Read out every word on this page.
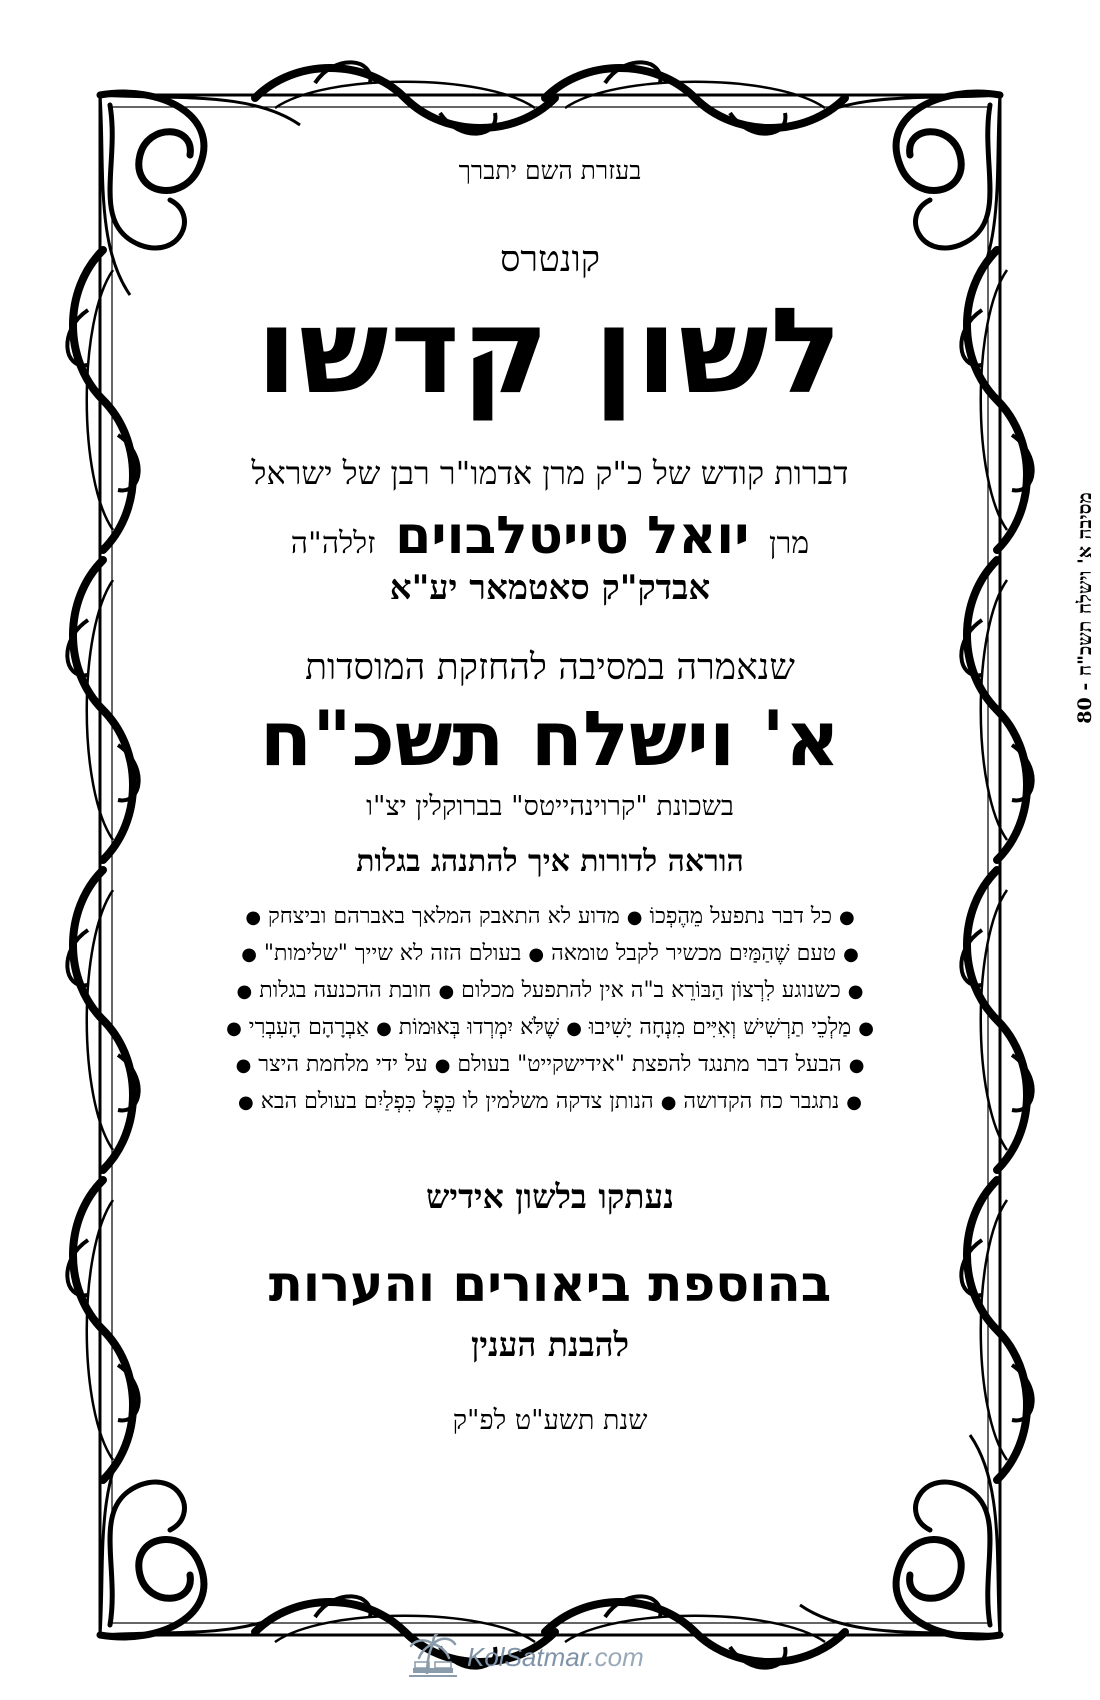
בעזרת השם יתברך
קונטרס
לשון קדשו
דברות קודש של כ"ק מרן אדמו"ר רבן של ישראל
מרן יואל טייטלבוים זללה"ה
אבדק"ק סאטמאר יע"א
שנאמרה במסיבה להחזקת המוסדות
א' וישלח תשכ"ח
בשכונת "קרוינהייטס" בברוקלין יצ"ו
הוראה לדורות איך להתנהג בגלות
●כל דבר נתפעל מֵהֶפְכוֹ●מדוע לא התאבק המלאך באברהם וביצחק●
●טעם שֶׁהַמַּיִם מכשיר לקבל טומאה●בעולם הזה לא שייך "שלימות"●
●כשנוגע לִרְצוֹן הַבּוֹרֵא ב"ה אין להתפעל מכלום●חובת ההכנעה בגלות●
●מַלְכֵי תַרְשִׁישׁ וְאִיִּים מִנְחָה יָשִׁיבוּ●שֶׁלֹּא יִמְרְדוּ בְּאוּמוֹת●אַבְרָהָם הָעִבְרִי●
●הבעל דבר מתנגד להפצת "אידישקייט" בעולם●על ידי מלחמת היצר●
●נתגבר כח הקדושה●הנותן צדקה משלמין לו כֵּפֶל כִּפְלַיִם בעולם הבא●
נעתקו בלשון אידיש
בהוספת ביאורים והערות
להבנת הענין
שנת תשע"ט לפ"ק
מסיבה א' וישלח תשכ"ח - 80
KolSatmar.com
